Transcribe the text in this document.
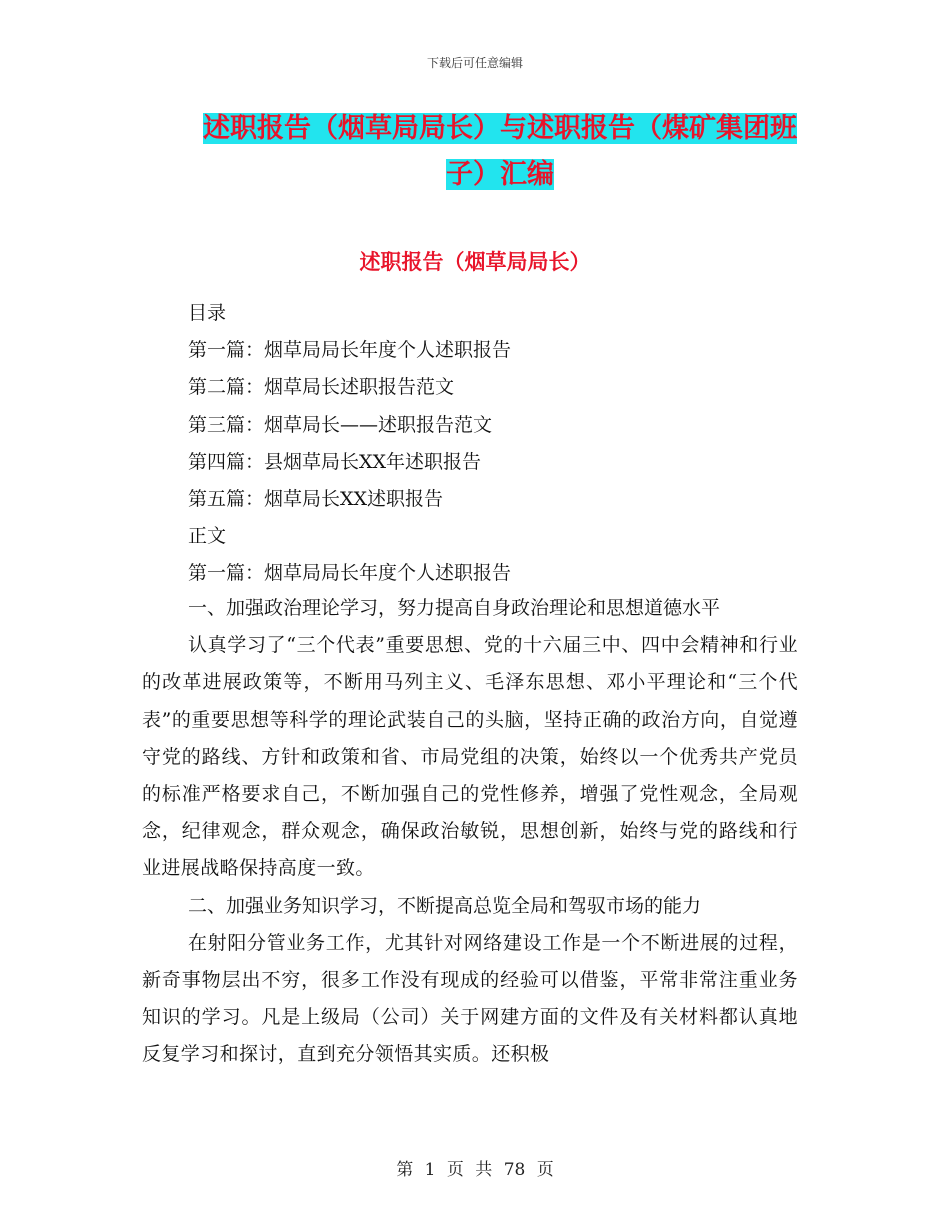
下载后可任意编辑
述职报告（烟草局局长）与述职报告（煤矿集团班
子）汇编
述职报告（烟草局局长）
目录
第一篇：烟草局局长年度个人述职报告
第二篇：烟草局长述职报告范文
第三篇：烟草局长——述职报告范文
第四篇：县烟草局长XX年述职报告
第五篇：烟草局长XX述职报告
正文
第一篇：烟草局局长年度个人述职报告
一、加强政治理论学习，努力提高自身政治理论和思想道德水平

认真学习了“三个代表”重要思想、党的十六届三中、四中会精神和行业的改革进展政策等，不断用马列主义、毛泽东思想、邓小平理论和“三个代表”的重要思想等科学的理论武装自己的头脑，坚持正确的政治方向，自觉遵守党的路线、方针和政策和省、市局党组的决策，始终以一个优秀共产党员的标准严格要求自己，不断加强自己的党性修养，增强了党性观念，全局观念，纪律观念，群众观念，确保政治敏锐，思想创新，始终与党的路线和行业进展战略保持高度一致。

二、加强业务知识学习，不断提高总览全局和驾驭市场的能力

在射阳分管业务工作，尤其针对网络建设工作是一个不断进展的过程，新奇事物层出不穷，很多工作没有现成的经验可以借鉴，平常非常注重业务知识的学习。凡是上级局（公司）关于网建方面的文件及有关材料都认真地反复学习和探讨，直到充分领悟其实质。还积极

第 1 页 共 78 页
